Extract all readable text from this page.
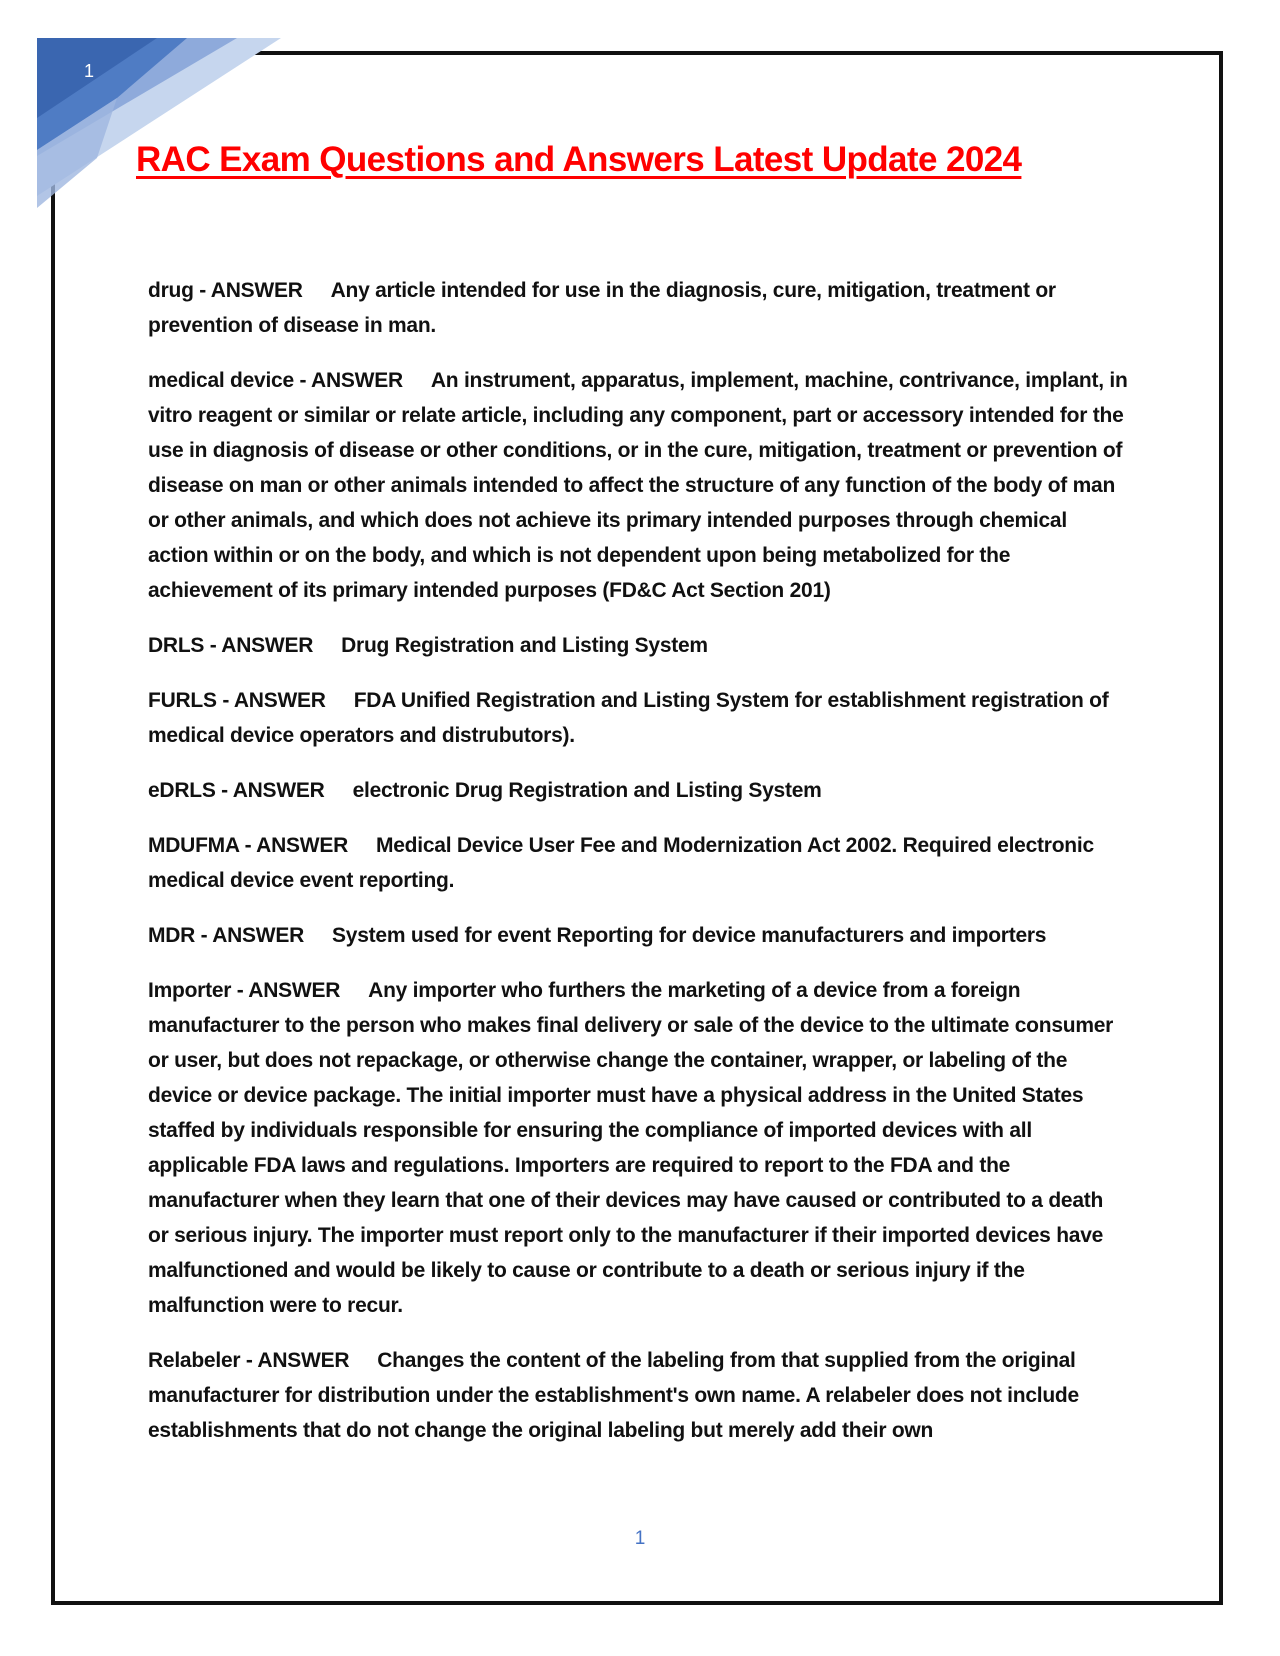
1
RAC Exam Questions and Answers Latest Update 2024

drug - ANSWER Any article intended for use in the diagnosis, cure, mitigation, treatment or prevention of disease in man.

medical device - ANSWER An instrument, apparatus, implement, machine, contrivance, implant, in vitro reagent or similar or relate article, including any component, part or accessory intended for the use in diagnosis of disease or other conditions, or in the cure, mitigation, treatment or prevention of disease on man or other animals intended to affect the structure of any function of the body of man or other animals, and which does not achieve its primary intended purposes through chemical action within or on the body, and which is not dependent upon being metabolized for the achievement of its primary intended purposes (FD&C Act Section 201)

DRLS - ANSWER Drug Registration and Listing System

FURLS - ANSWER FDA Unified Registration and Listing System for establishment registration of medical device operators and distrubutors).

eDRLS - ANSWER electronic Drug Registration and Listing System

MDUFMA - ANSWER Medical Device User Fee and Modernization Act 2002. Required electronic medical device event reporting.

MDR - ANSWER System used for event Reporting for device manufacturers and importers

Importer - ANSWER Any importer who furthers the marketing of a device from a foreign manufacturer to the person who makes final delivery or sale of the device to the ultimate consumer or user, but does not repackage, or otherwise change the container, wrapper, or labeling of the device or device package. The initial importer must have a physical address in the United States staffed by individuals responsible for ensuring the compliance of imported devices with all applicable FDA laws and regulations. Importers are required to report to the FDA and the manufacturer when they learn that one of their devices may have caused or contributed to a death or serious injury. The importer must report only to the manufacturer if their imported devices have malfunctioned and would be likely to cause or contribute to a death or serious injury if the malfunction were to recur.

Relabeler - ANSWER Changes the content of the labeling from that supplied from the original manufacturer for distribution under the establishment's own name. A relabeler does not include establishments that do not change the original labeling but merely add their own

1
